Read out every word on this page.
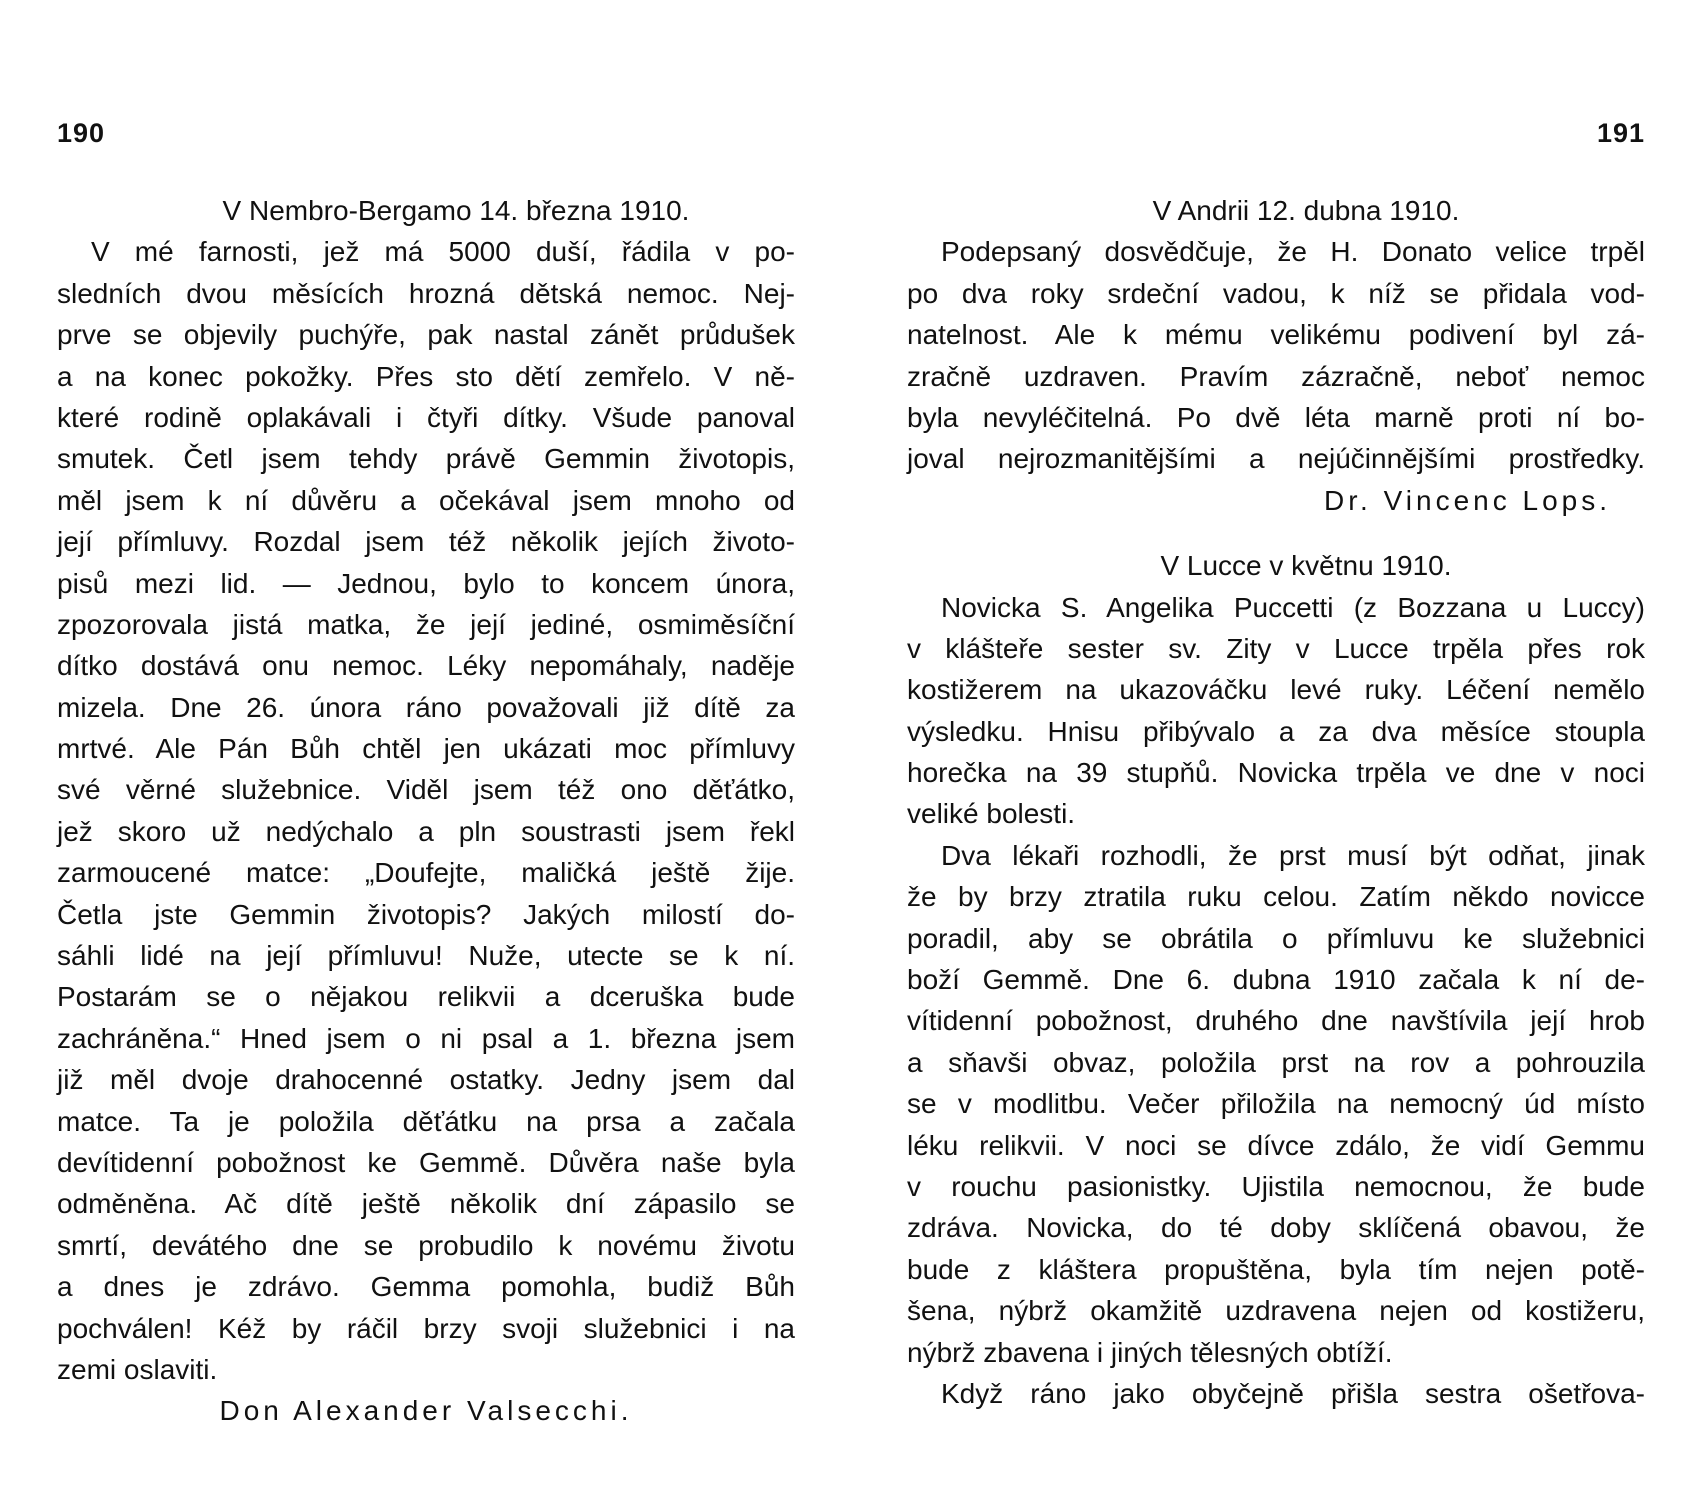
190
V Nembro-Bergamo 14. března 1910.
V mé farnosti, jež má 5000 duší, řádila v po-
sledních dvou měsících hrozná dětská nemoc. Nej-
prve se objevily puchýře, pak nastal zánět průdušek
a na konec pokožky. Přes sto dětí zemřelo. V ně-
které rodině oplakávali i čtyři dítky. Všude panoval
smutek. Četl jsem tehdy právě Gemmin životopis,
měl jsem k ní důvěru a očekával jsem mnoho od
její přímluvy. Rozdal jsem též několik jejích životo-
pisů mezi lid. — Jednou, bylo to koncem února,
zpozorovala jistá matka, že její jediné, osmiměsíční
dítko dostává onu nemoc. Léky nepomáhaly, naděje
mizela. Dne 26. února ráno považovali již dítě za
mrtvé. Ale Pán Bůh chtěl jen ukázati moc přímluvy
své věrné služebnice. Viděl jsem též ono děťátko,
jež skoro už nedýchalo a pln soustrasti jsem řekl
zarmoucené matce: „Doufejte, maličká ještě žije.
Četla jste Gemmin životopis? Jakých milostí do-
sáhli lidé na její přímluvu! Nuže, utecte se k ní.
Postarám se o nějakou relikvii a dceruška bude
zachráněna.“ Hned jsem o ni psal a 1. března jsem
již měl dvoje drahocenné ostatky. Jedny jsem dal
matce. Ta je položila děťátku na prsa a začala
devítidenní pobožnost ke Gemmě. Důvěra naše byla
odměněna. Ač dítě ještě několik dní zápasilo se
smrtí, devátého dne se probudilo k novému životu
a dnes je zdrávo. Gemma pomohla, budiž Bůh
pochválen! Kéž by ráčil brzy svoji služebnici i na
zemi oslaviti.
Don Alexander Valsecchi.
191
V Andrii 12. dubna 1910.
Podepsaný dosvědčuje, že H. Donato velice trpěl
po dva roky srdeční vadou, k níž se přidala vod-
natelnost. Ale k mému velikému podivení byl zá-
zračně uzdraven. Pravím zázračně, neboť nemoc
byla nevyléčitelná. Po dvě léta marně proti ní bo-
joval nejrozmanitějšími a nejúčinnějšími prostředky.
Dr. Vincenc Lops.
V Lucce v květnu 1910.
Novicka S. Angelika Puccetti (z Bozzana u Luccy)
v klášteře sester sv. Zity v Lucce trpěla přes rok
kostižerem na ukazováčku levé ruky. Léčení nemělo
výsledku. Hnisu přibývalo a za dva měsíce stoupla
horečka na 39 stupňů. Novicka trpěla ve dne v noci
veliké bolesti.
Dva lékaři rozhodli, že prst musí být odňat, jinak
že by brzy ztratila ruku celou. Zatím někdo novicce
poradil, aby se obrátila o přímluvu ke služebnici
boží Gemmě. Dne 6. dubna 1910 začala k ní de-
vítidenní pobožnost, druhého dne navštívila její hrob
a sňavši obvaz, položila prst na rov a pohrouzila
se v modlitbu. Večer přiložila na nemocný úd místo
léku relikvii. V noci se dívce zdálo, že vidí Gemmu
v rouchu pasionistky. Ujistila nemocnou, že bude
zdráva. Novicka, do té doby sklíčená obavou, že
bude z kláštera propuštěna, byla tím nejen potě-
šena, nýbrž okamžitě uzdravena nejen od kostižeru,
nýbrž zbavena i jiných tělesných obtíží.
Když ráno jako obyčejně přišla sestra ošetřova-
